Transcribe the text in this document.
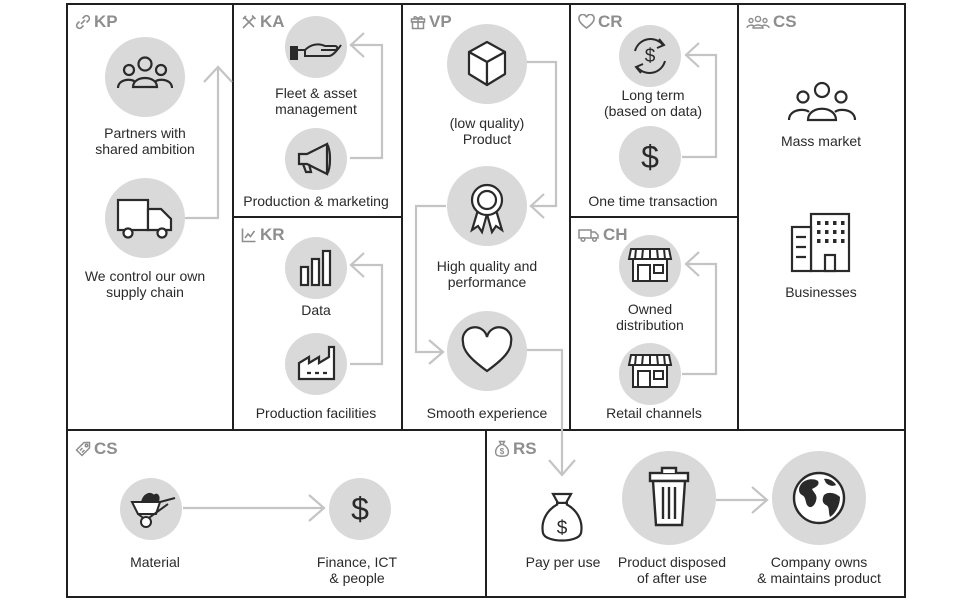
KP	KA
KR
VP	CR
CH
CS
CS	$ RS
Partners with
shared ambition
We control our own
supply chain
Fleet & asset
management
Production & marketing
Data
Production facilities
(low quality)
Product
High quality and
performance
Smooth experience
$
Long term
(based on data)
$
One time transaction
Owned
distribution
Retail channels
Mass market
Businesses
Material
$
Finance, ICT
& people
$
Pay per use	Product disposed
of after use
Company owns
& maintains product
